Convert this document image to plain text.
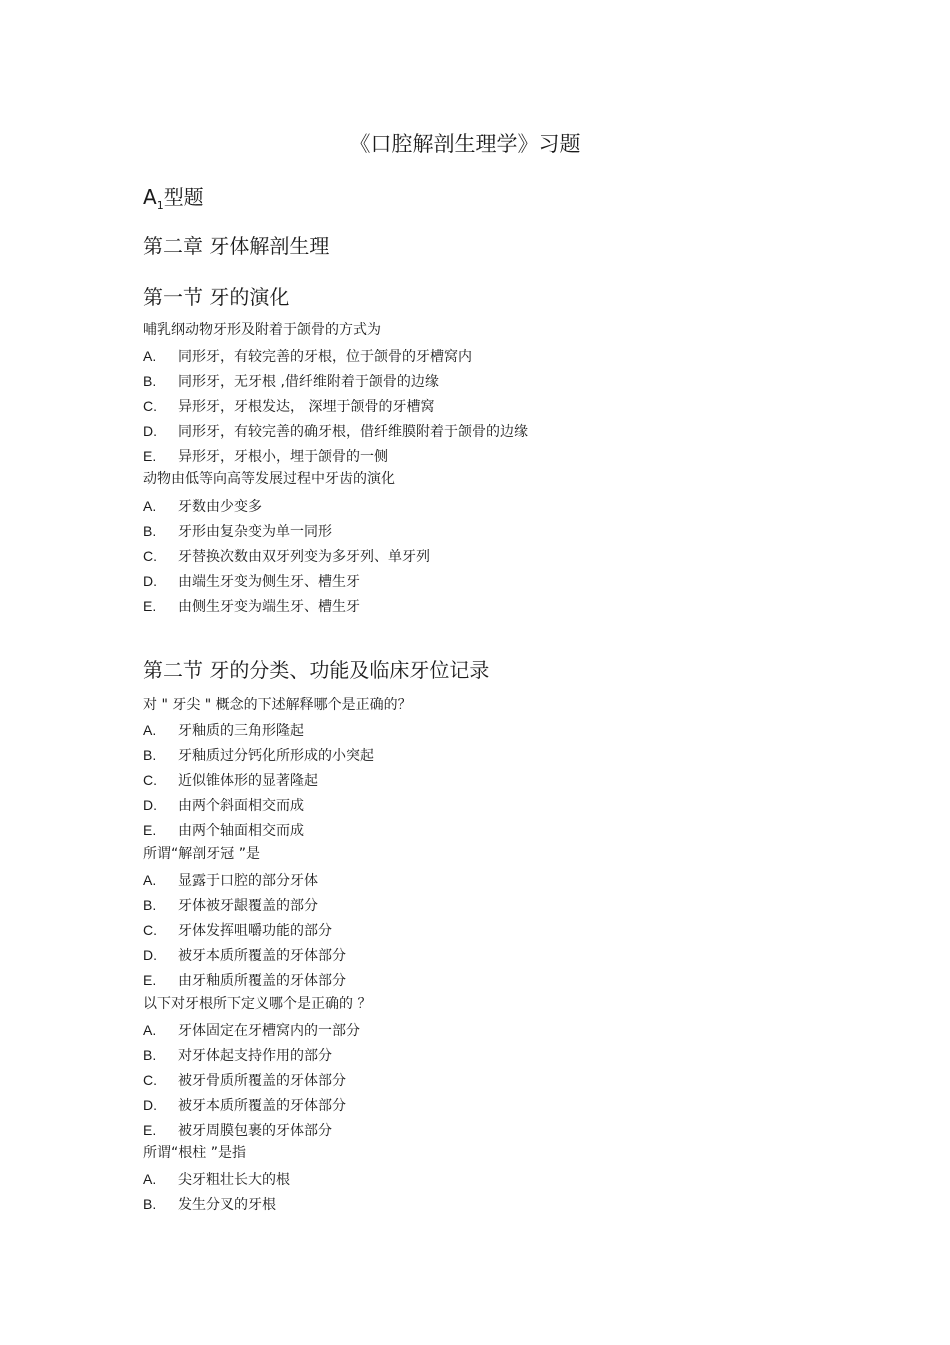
《口腔解剖生理学》习题
$A_1$型题
第二章 牙体解剖生理
第一节 牙的演化
哺乳纲动物牙形及附着于颌骨的方式为
A. 同形牙，有较完善的牙根，位于颌骨的牙槽窝内
B. 同形牙，无牙根 ,借纤维附着于颌骨的边缘
C. 异形牙，牙根发达， 深埋于颌骨的牙槽窝
D. 同形牙，有较完善的确牙根，借纤维膜附着于颌骨的边缘
E. 异形牙，牙根小，埋于颌骨的一侧
动物由低等向高等发展过程中牙齿的演化
A. 牙数由少变多
B. 牙形由复杂变为单一同形
C. 牙替换次数由双牙列变为多牙列、单牙列
D. 由端生牙变为侧生牙、槽生牙
E. 由侧生牙变为端生牙、槽生牙
第二节 牙的分类、功能及临床牙位记录
对 " 牙尖 " 概念的下述解释哪个是正确的？
A. 牙釉质的三角形隆起
B. 牙釉质过分钙化所形成的小突起
C. 近似锥体形的显著隆起
D. 由两个斜面相交而成
E. 由两个轴面相交而成
所谓“解剖牙冠 ”是
A. 显露于口腔的部分牙体
B. 牙体被牙龈覆盖的部分
C. 牙体发挥咀嚼功能的部分
D. 被牙本质所覆盖的牙体部分
E. 由牙釉质所覆盖的牙体部分
以下对牙根所下定义哪个是正确的 ？
A. 牙体固定在牙槽窝内的一部分
B. 对牙体起支持作用的部分
C. 被牙骨质所覆盖的牙体部分
D. 被牙本质所覆盖的牙体部分
E. 被牙周膜包裹的牙体部分
所谓“根柱 ”是指
A. 尖牙粗壮长大的根
B. 发生分叉的牙根
